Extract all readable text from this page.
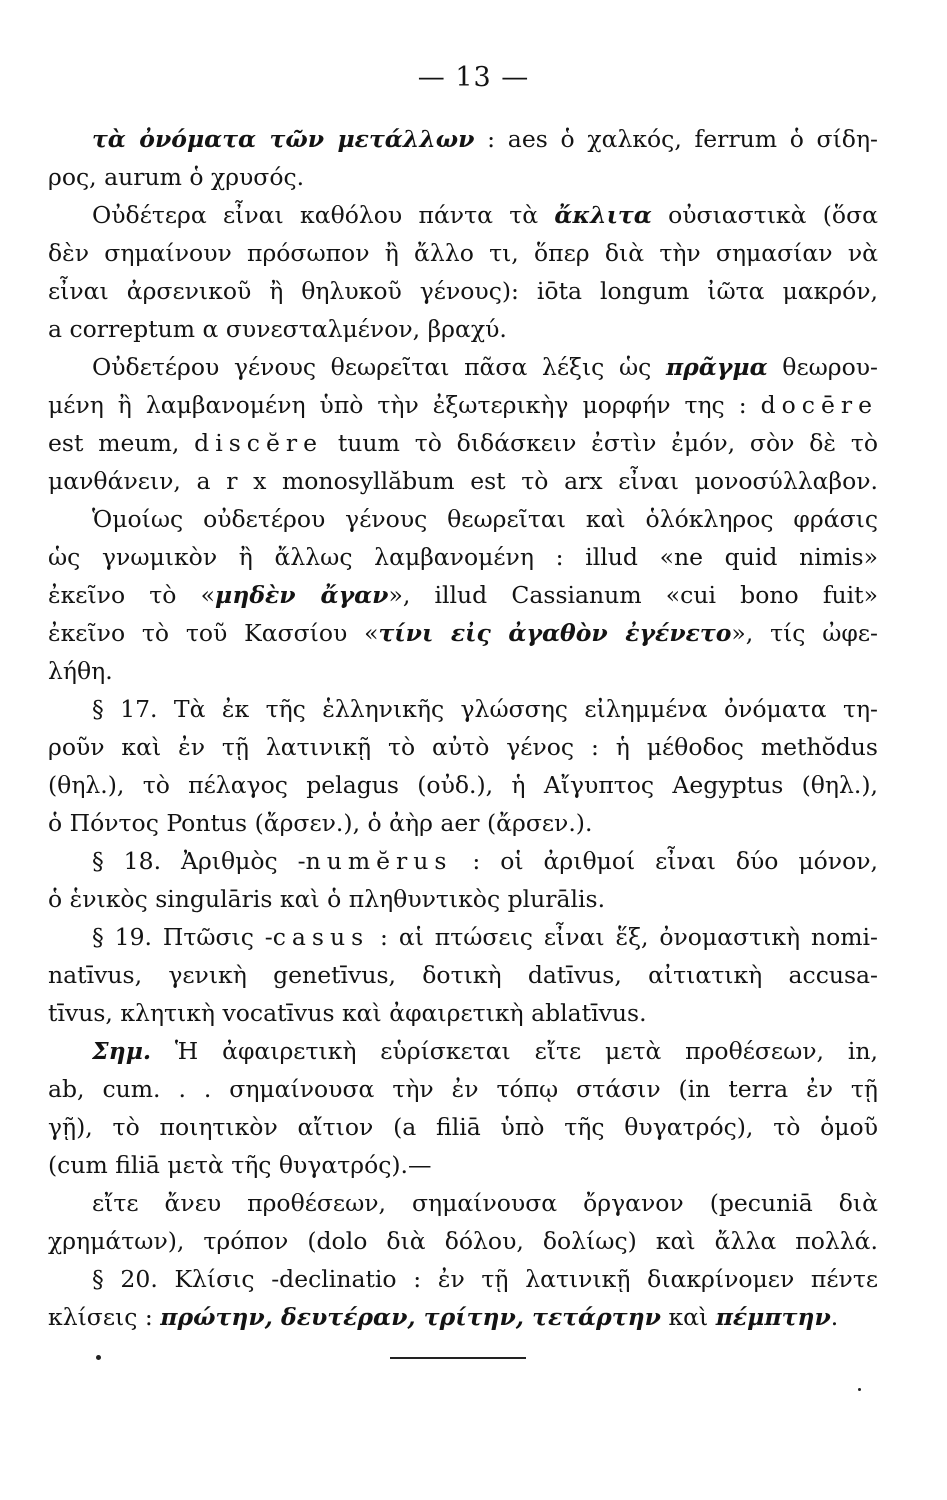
— 13 —
τὰ ὀνόματα τῶν μετάλλων : aes ὁ χαλκός, ferrum ὁ σίδη-
ρος, aurum ὁ χρυσός.
Οὐδέτερα εἶναι καθόλου πάντα τὰ ἄκλιτα οὐσιαστικὰ (ὅσα
δὲν σημαίνουν πρόσωπον ἢ ἄλλο τι, ὅπερ διὰ τὴν σημασίαν νὰ
εἶναι ἀρσενικοῦ ἢ θηλυκοῦ γένους): iōta longum ἰῶτα μακρόν,
a correptum α συνεσταλμένον, βραχύ.
Οὐδετέρου γένους θεωρεῖται πᾶσα λέξις ὡς πρᾶγμα θεωρου-
μένη ἢ λαμβανομένη ὑπὸ τὴν ἐξωτερικὴγ μορφήν της : docēre
est meum, discĕre tuum τὸ διδάσκειν ἐστὶν ἐμόν, σὸν δὲ τὸ
μανθάνειν, a r x monosyllăbum est τὸ arx εἶναι μονοσύλλαβον.
Ὁμοίως οὐδετέρου γένους θεωρεῖται καὶ ὁλόκληρος φράσις
ὡς γνωμικὸν ἢ ἄλλως λαμβανομένη : illud «ne quid nimis»
ἐκεῖνο τὸ «μηδὲν ἄγαν», illud Cassianum «cui bono fuit»
ἐκεῖνο τὸ τοῦ Κασσίου «τίνι εἰς ἀγαθὸν ἐγένετο», τίς ὠφε-
λήθη.
§ 17. Τὰ ἐκ τῆς ἑλληνικῆς γλώσσης εἰλημμένα ὀνόματα τη-
ροῦν καὶ ἐν τῇ λατινικῇ τὸ αὐτὸ γένος : ἡ μέθοδος methŏdus
(θηλ.), τὸ πέλαγος pelagus (οὐδ.), ἡ Αἴγυπτος Aegyptus (θηλ.),
ὁ Πόντος Pontus (ἄρσεν.), ὁ ἀὴρ aer (ἄρσεν.).
§ 18. Ἀριθμὸς -numĕrus : οἱ ἀριθμοί εἶναι δύο μόνον,
ὁ ἑνικὸς singulāris καὶ ὁ πληθυντικὸς plurālis.
§ 19. Πτῶσις -casus : αἱ πτώσεις εἶναι ἕξ, ὀνομαστικὴ nomi-
natīvus, γενικὴ genetīvus, δοτικὴ datīvus, αἰτιατικὴ accusa-
tīvus, κλητικὴ vocatīvus καὶ ἀφαιρετικὴ ablatīvus.
Σημ. Ἡ ἀφαιρετικὴ εὑρίσκεται εἴτε μετὰ προθέσεων, in,
ab, cum. . . σημαίνουσα τὴν ἐν τόπῳ στάσιν (in terra ἐν τῇ
γῇ), τὸ ποιητικὸν αἴτιον (a filiā ὑπὸ τῆς θυγατρός), τὸ ὁμοῦ
(cum filiā μετὰ τῆς θυγατρός).—
εἴτε ἄνευ προθέσεων, σημαίνουσα ὄργανον (pecuniā διὰ
χρημάτων), τρόπον (dolo διὰ δόλου, δολίως) καὶ ἄλλα πολλά.
§ 20. Κλίσις -declinatio : ἐν τῇ λατινικῇ διακρίνομεν πέντε
κλίσεις : πρώτην, δευτέραν, τρίτην, τετάρτην καὶ πέμπτην.
